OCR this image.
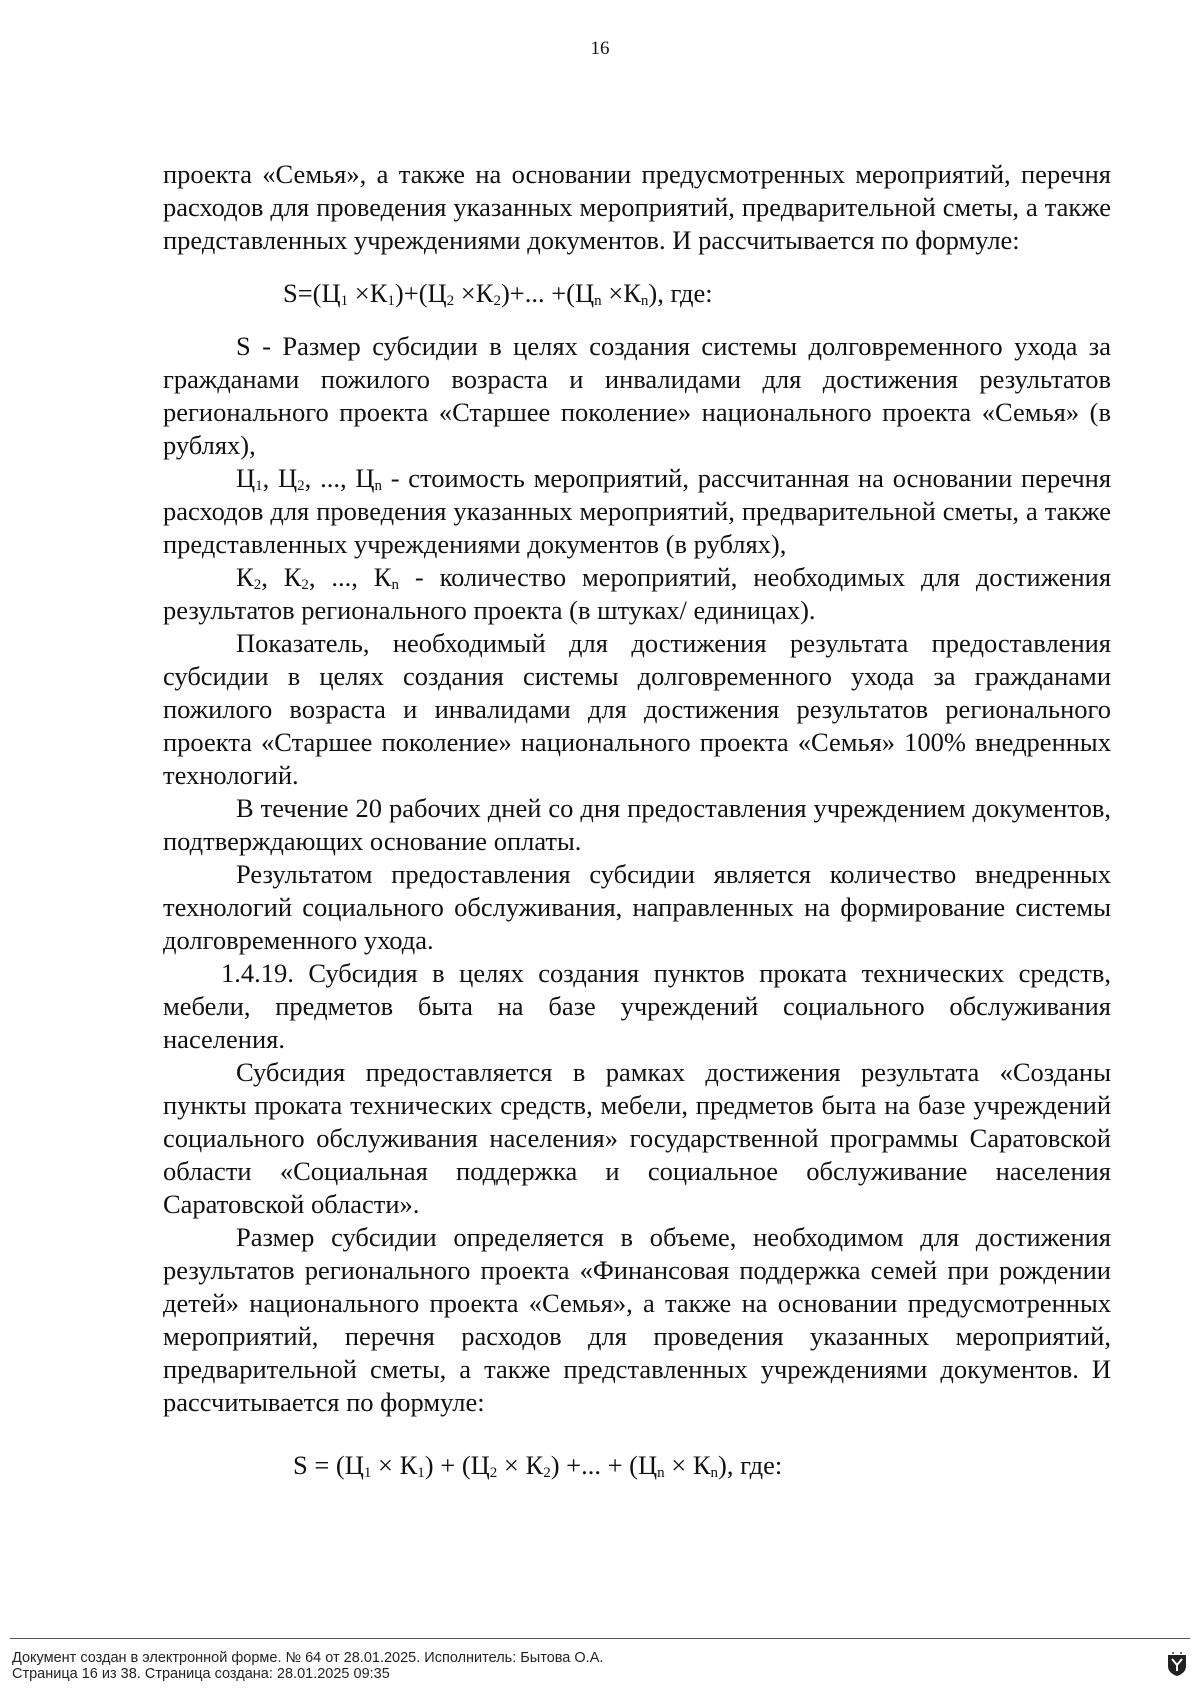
16

проекта «Семья», а также на основании предусмотренных мероприятий, перечня расходов для проведения указанных мероприятий, предварительной сметы, а также представленных учреждениями документов. И рассчитывается по формуле:

$S=(Ц_1 \times К_1)+(Ц_2 \times К_2)+$... $+(Ц_n \times К_n)$, где:

S - Размер субсидии в целях создания системы долговременного ухода за гражданами пожилого возраста и инвалидами для достижения результатов регионального проекта «Старшее поколение» национального проекта «Семья» (в рублях),

$Ц_1$, $Ц_2$, ..., $Ц_n$ - стоимость мероприятий, рассчитанная на основании перечня расходов для проведения указанных мероприятий, предварительной сметы, а также представленных учреждениями документов (в рублях),

$К_2$, $К_2$, ..., $К_n$ - количество мероприятий, необходимых для достижения результатов регионального проекта (в штуках/ единицах).

Показатель, необходимый для достижения результата предоставления субсидии в целях создания системы долговременного ухода за гражданами пожилого возраста и инвалидами для достижения результатов регионального проекта «Старшее поколение» национального проекта «Семья» 100% внедренных технологий.

В течение 20 рабочих дней со дня предоставления учреждением документов, подтверждающих основание оплаты.

Результатом предоставления субсидии является количество внедренных технологий социального обслуживания, направленных на формирование системы долговременного ухода.

1.4.19. Субсидия в целях создания пунктов проката технических средств, мебели, предметов быта на базе учреждений социального обслуживания населения.

Субсидия предоставляется в рамках достижения результата «Созданы пункты проката технических средств, мебели, предметов быта на базе учреждений социального обслуживания населения» государственной программы Саратовской области «Социальная поддержка и социальное обслуживание населения Саратовской области».

Размер субсидии определяется в объеме, необходимом для достижения результатов регионального проекта «Финансовая поддержка семей при рождении детей» национального проекта «Семья», а также на основании предусмотренных мероприятий, перечня расходов для проведения указанных мероприятий, предварительной сметы, а также представленных учреждениями документов. И рассчитывается по формуле:

$S = (Ц_1 \times К_1) + (Ц_2 \times К_2)$ +... + $(Ц_n \times К_n)$, где:

Документ создан в электронной форме. № 64 от 28.01.2025. Исполнитель: Бытова О.А.
Страница 16 из 38. Страница создана: 28.01.2025 09:35
